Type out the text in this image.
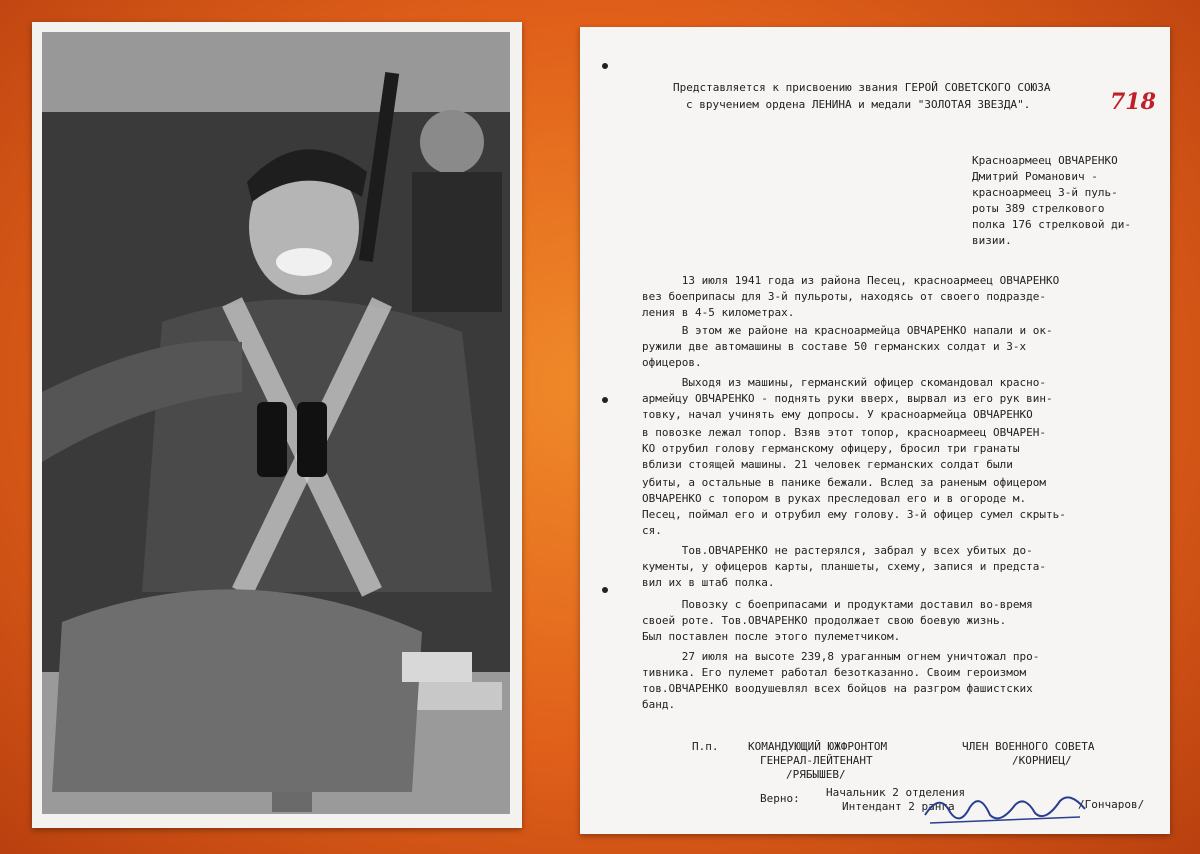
Представляется к присвоению звания ГЕРОЙ СОВЕТСКОГО СОЮЗА
с вручением ордена ЛЕНИНА и медали "ЗОЛОТАЯ ЗВЕЗДА".	718
Красноармеец ОВЧАРЕНКО
Дмитрий Романович -
красноармеец 3-й пуль-
роты 389 стрелкового
полка 176 стрелковой ди-
визии.
13 июля 1941 года из района Песец, красноармеец ОВЧАРЕНКО
вез боеприпасы для 3-й пульроты, находясь от своего подразде-
ления в 4-5 километрах.
В этом же районе на красноармейца ОВЧАРЕНКО напали и ок-
ружили две автомашины в составе 50 германских солдат и 3-х
офицеров.
Выходя из машины, германский офицер скомандовал красно-
армейцу ОВЧАРЕНКО - поднять руки вверх, вырвал из его рук вин-
товку, начал учинять ему допросы. У красноармейца ОВЧАРЕНКО
в повозке лежал топор. Взяв этот топор, красноармеец ОВЧАРЕН-
КО отрубил голову германскому офицеру, бросил три гранаты
вблизи стоящей машины. 21 человек германских солдат были
убиты, а остальные в панике бежали. Вслед за раненым офицером
ОВЧАРЕНКО с топором в руках преследовал его и в огороде м.
Песец, поймал его и отрубил ему голову. 3-й офицер сумел скрыть-
ся.
Тов.ОВЧАРЕНКО не растерялся, забрал у всех убитых до-
кументы, у офицеров карты, планшеты, схему, запися и предста-
вил их в штаб полка.
Повозку с боеприпасами и продуктами доставил во-время
своей роте. Тов.ОВЧАРЕНКО продолжает свою боевую жизнь.
Был поставлен после этого пулеметчиком.
27 июля на высоте 239,8 ураганным огнем уничтожал про-
тивника. Его пулемет работал безотказанно. Своим героизмом
тов.ОВЧАРЕНКО воодушевлял всех бойцов на разгром фашистских
банд.
П.п.	КОМАНДУЮЩИЙ ЮЖФРОНТОМ
ГЕНЕРАЛ-ЛЕЙТЕНАНТ
/РЯБЫШЕВ/
ЧЛЕН ВОЕННОГО СОВЕТА
/КОРНИЕЦ/
Верно: Начальник 2 отделения
Интендант 2 ранга	/Гончаров/
